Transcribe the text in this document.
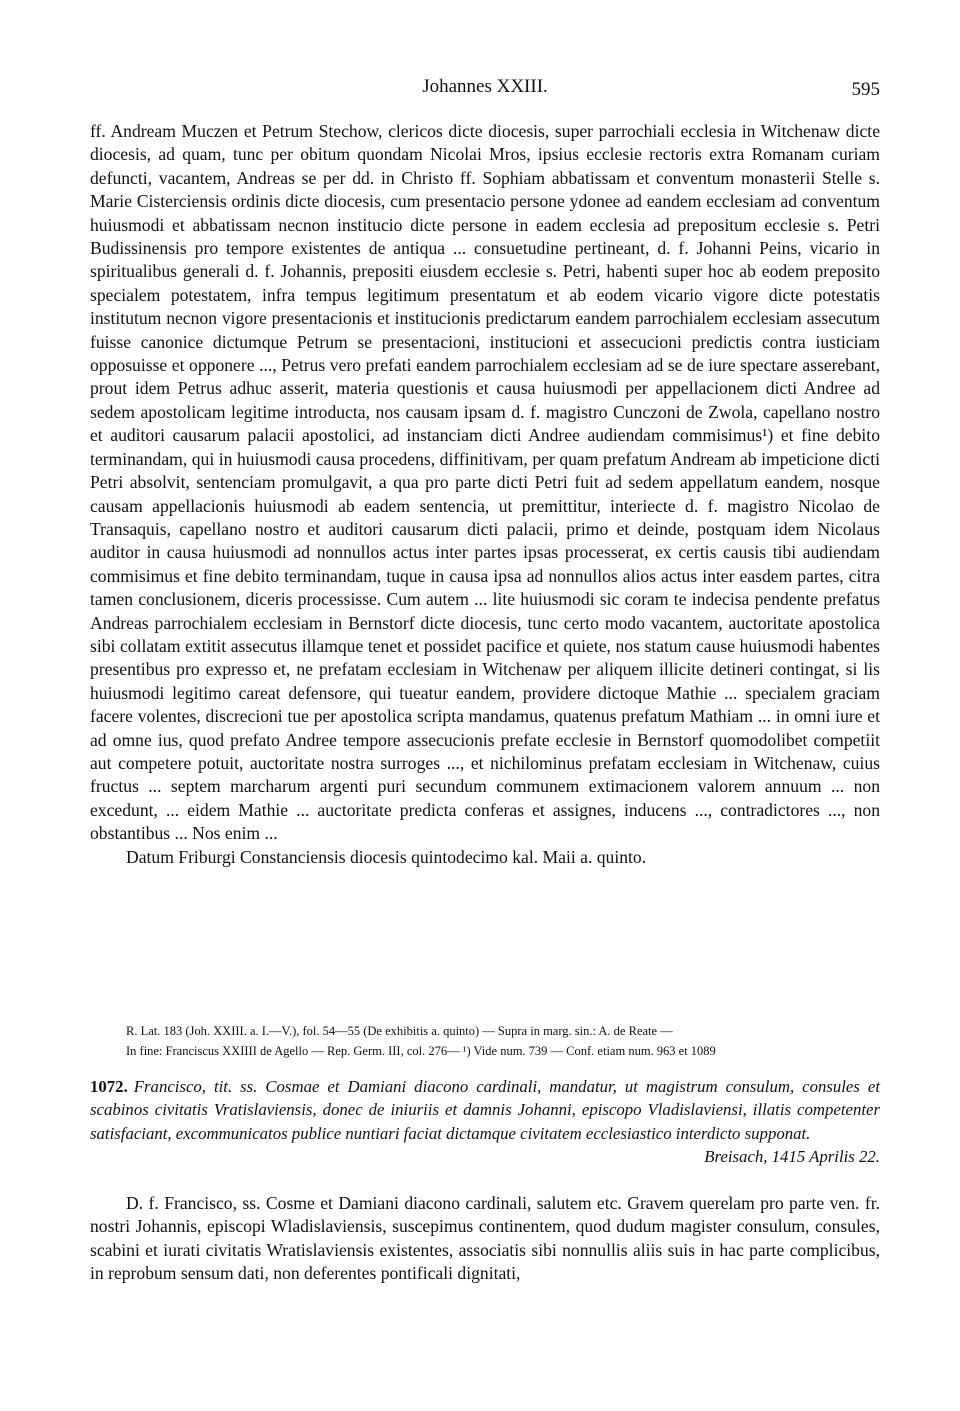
Johannes XXIII.	595

ff. Andream Muczen et Petrum Stechow, clericos dicte diocesis, super parrochiali ecclesia in Witchenaw dicte diocesis, ad quam, tunc per obitum quondam Nicolai Mros, ipsius ecclesie rectoris extra Romanam curiam defuncti, vacantem, Andreas se per dd. in Christo ff. Sophiam abbatissam et conventum monasterii Stelle s. Marie Cisterciensis ordinis dicte diocesis, cum presentacio persone ydonee ad eandem ecclesiam ad conventum huiusmodi et abbatissam necnon institucio dicte persone in eadem ecclesia ad prepositum ecclesie s. Petri Budissinensis pro tempore existentes de antiqua ... consuetudine pertineant, d. f. Johanni Peins, vicario in spiritualibus generali d. f. Johannis, prepositi eiusdem ecclesie s. Petri, habenti super hoc ab eodem preposito specialem potestatem, infra tempus legitimum presentatum et ab eodem vicario vigore dicte potestatis institutum necnon vigore presentacionis et institucionis predictarum eandem parrochialem ecclesiam assecutum fuisse canonice dictumque Petrum se presentacioni, institucioni et assecucioni predictis contra iusticiam opposuisse et opponere ..., Petrus vero prefati eandem parrochialem ecclesiam ad se de iure spectare asserebant, prout idem Petrus adhuc asserit, materia questionis et causa huiusmodi per appellacionem dicti Andree ad sedem apostolicam legitime introducta, nos causam ipsam d. f. magistro Cunczoni de Zwola, capellano nostro et auditori causarum palacii apostolici, ad instanciam dicti Andree audiendam commisimus¹) et fine debito terminandam, qui in huiusmodi causa procedens, diffinitivam, per quam prefatum Andream ab impeticione dicti Petri absolvit, sentenciam promulgavit, a qua pro parte dicti Petri fuit ad sedem appellatum eandem, nosque causam appellacionis huiusmodi ab eadem sentencia, ut premittitur, interiecte d. f. magistro Nicolao de Transaquis, capellano nostro et auditori causarum dicti palacii, primo et deinde, postquam idem Nicolaus auditor in causa huiusmodi ad nonnullos actus inter partes ipsas processerat, ex certis causis tibi audiendam commisimus et fine debito terminandam, tuque in causa ipsa ad nonnullos alios actus inter easdem partes, citra tamen conclusionem, diceris processisse. Cum autem ... lite huiusmodi sic coram te indecisa pendente prefatus Andreas parrochialem ecclesiam in Bernstorf dicte diocesis, tunc certo modo vacantem, auctoritate apostolica sibi collatam extitit assecutus illamque tenet et possidet pacifice et quiete, nos statum cause huiusmodi habentes presentibus pro expresso et, ne prefatam ecclesiam in Witchenaw per aliquem illicite detineri contingat, si lis huiusmodi legitimo careat defensore, qui tueatur eandem, providere dictoque Mathie ... specialem graciam facere volentes, discrecioni tue per apostolica scripta mandamus, quatenus prefatum Mathiam ... in omni iure et ad omne ius, quod prefato Andree tempore assecucionis prefate ecclesie in Bernstorf quomodolibet competiit aut competere potuit, auctoritate nostra surroges ..., et nichilominus prefatam ecclesiam in Witchenaw, cuius fructus ... septem marcharum argenti puri secundum communem extimacionem valorem annuum ... non excedunt, ... eidem Mathie ... auctoritate predicta conferas et assignes, inducens ..., contradictores ..., non obstantibus ... Nos enim ...

Datum Friburgi Constanciensis diocesis quintodecimo kal. Maii a. quinto.

R. Lat. 183 (Joh. XXIII. a. I.—V.), fol. 54—55 (De exhibitis a. quinto) — Supra in marg. sin.: A. de Reate —

In fine: Franciscus XXIIII de Agello — Rep. Germ. III, col. 276— ¹) Vide num. 739 — Conf. etiam num. 963 et 1089

1072. Francisco, tit. ss. Cosmae et Damiani diacono cardinali, mandatur, ut magistrum consulum, consules et scabinos civitatis Vratislaviensis, donec de iniuriis et damnis Johanni, episcopo Vladislaviensi, illatis competenter satisfaciant, excommunicatos publice nuntiari faciat dictamque civitatem ecclesiastico interdicto supponat.
Breisach, 1415 Aprilis 22.
D. f. Francisco, ss. Cosme et Damiani diacono cardinali, salutem etc. Gravem querelam pro parte ven. fr. nostri Johannis, episcopi Wladislaviensis, suscepimus continentem, quod dudum magister consulum, consules, scabini et iurati civitatis Wratislaviensis existentes, associatis sibi nonnullis aliis suis in hac parte complicibus, in reprobum sensum dati, non deferentes pontificali dignitati,
